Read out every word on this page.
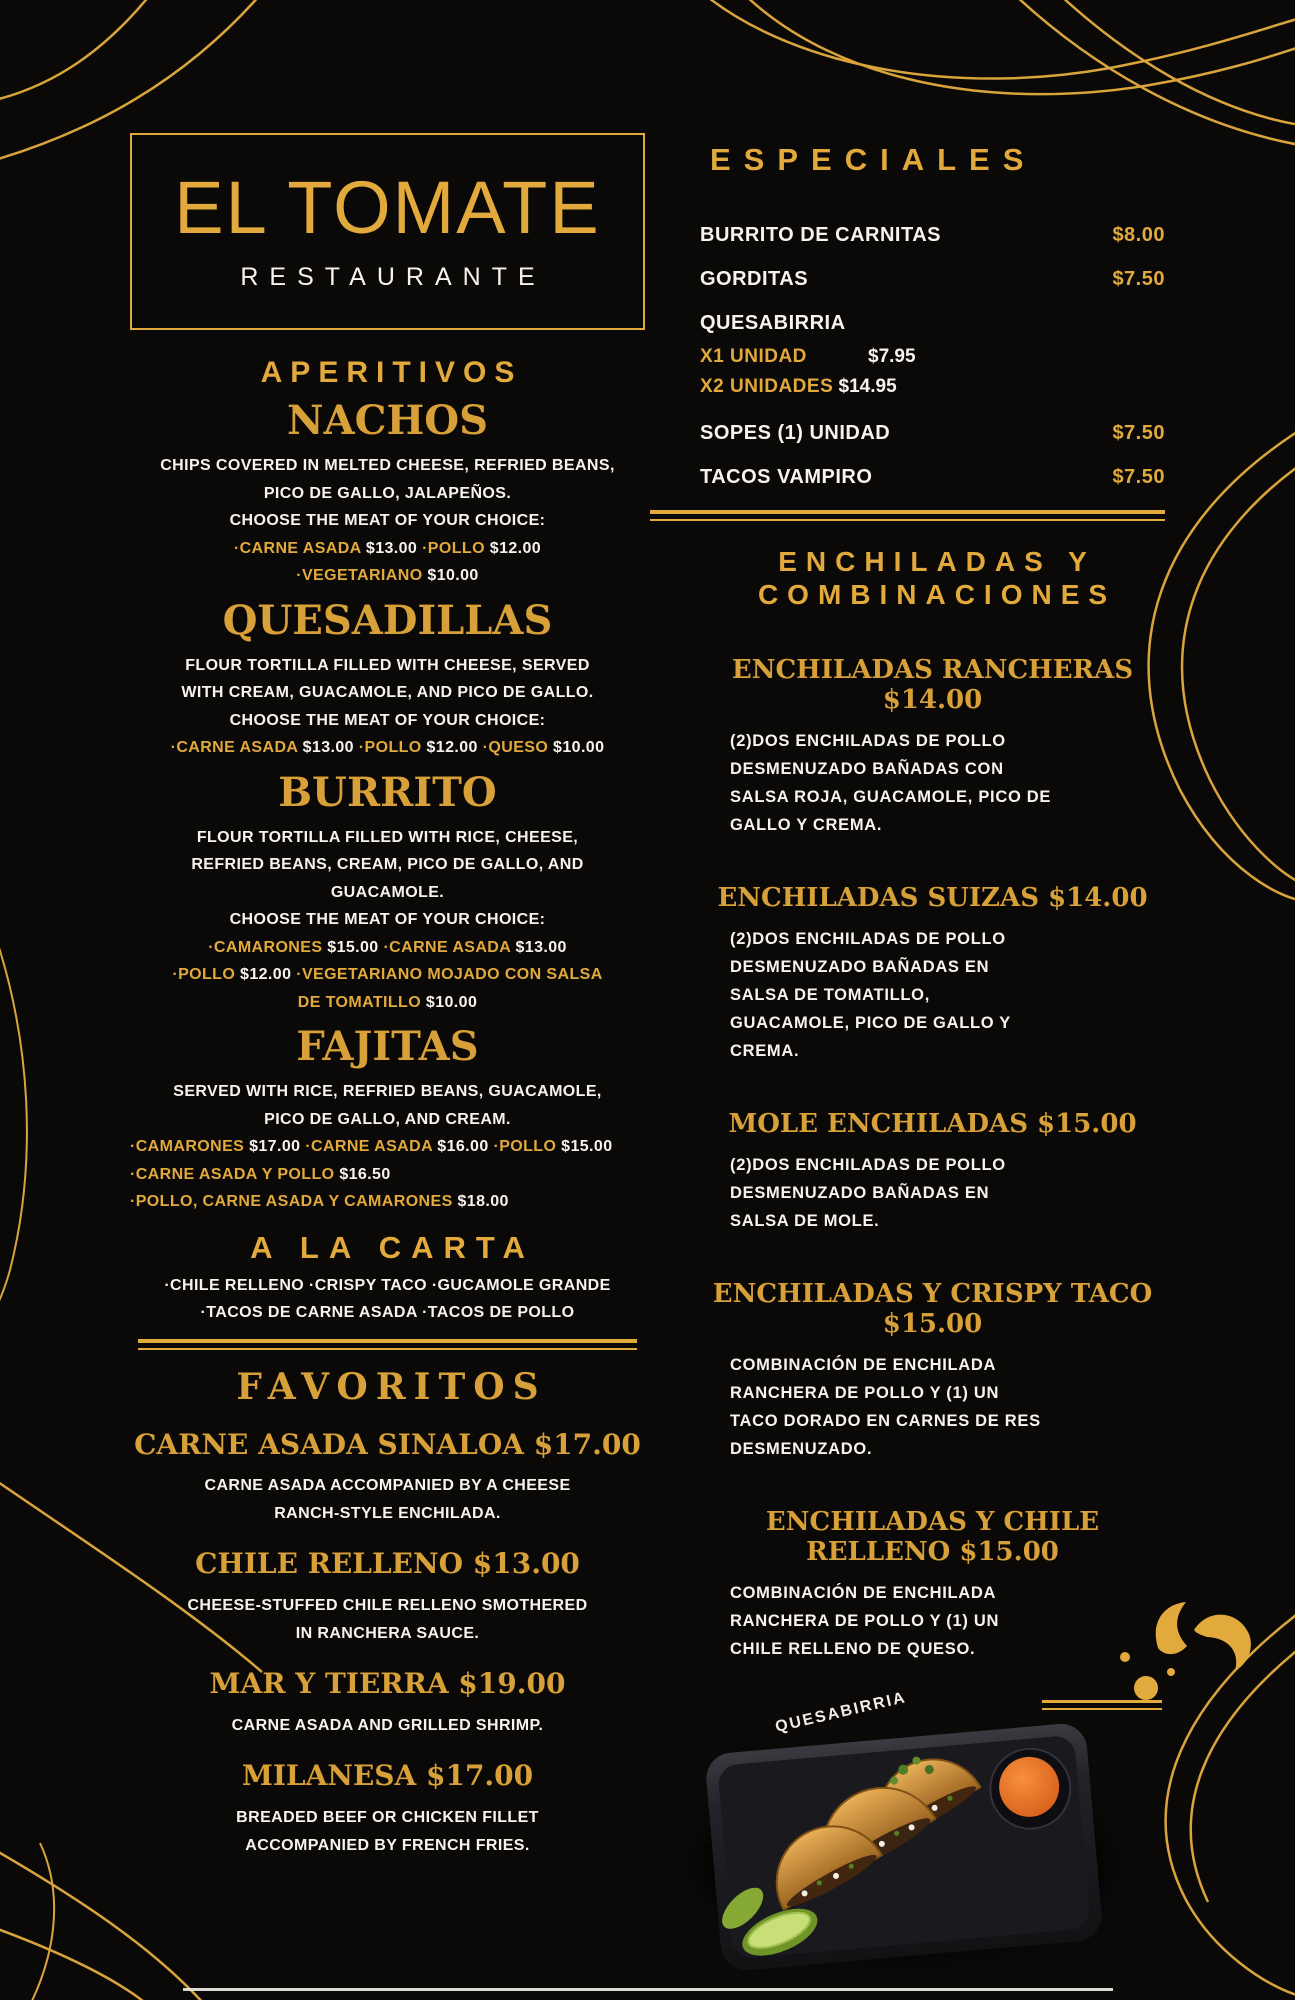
EL TOMATE
RESTAURANTE
APERITIVOS
NACHOS
CHIPS COVERED IN MELTED CHEESE, REFRIED BEANS,
PICO DE GALLO, JALAPEÑOS.
CHOOSE THE MEAT OF YOUR CHOICE:
·CARNE ASADA $13.00 ·POLLO $12.00
·VEGETARIANO $10.00
QUESADILLAS
FLOUR TORTILLA FILLED WITH CHEESE, SERVED
WITH CREAM, GUACAMOLE, AND PICO DE GALLO.
CHOOSE THE MEAT OF YOUR CHOICE:
·CARNE ASADA $13.00 ·POLLO $12.00 ·QUESO $10.00
BURRITO
FLOUR TORTILLA FILLED WITH RICE, CHEESE,
REFRIED BEANS, CREAM, PICO DE GALLO, AND
GUACAMOLE.
CHOOSE THE MEAT OF YOUR CHOICE:
·CAMARONES $15.00 ·CARNE ASADA $13.00
·POLLO $12.00 ·VEGETARIANO MOJADO CON SALSA
DE TOMATILLO $10.00
FAJITAS
SERVED WITH RICE, REFRIED BEANS, GUACAMOLE,
PICO DE GALLO, AND CREAM.
·CAMARONES $17.00 ·CARNE ASADA $16.00 ·POLLO $15.00
·CARNE ASADA Y POLLO $16.50
·POLLO, CARNE ASADA Y CAMARONES $18.00
A LA CARTA
·CHILE RELLENO ·CRISPY TACO ·GUCAMOLE GRANDE
·TACOS DE CARNE ASADA ·TACOS DE POLLO
FAVORITOS
CARNE ASADA SINALOA $17.00
CARNE ASADA ACCOMPANIED BY A CHEESE
RANCH-STYLE ENCHILADA.
CHILE RELLENO $13.00
CHEESE-STUFFED CHILE RELLENO SMOTHERED
IN RANCHERA SAUCE.
MAR Y TIERRA $19.00
CARNE ASADA AND GRILLED SHRIMP.
MILANESA $17.00
BREADED BEEF OR CHICKEN FILLET
ACCOMPANIED BY FRENCH FRIES.
ESPECIALES
BURRITO DE CARNITAS	$8.00
GORDITAS	$7.50
QUESABIRRIA
X1 UNIDAD	$7.95
X2 UNIDADES $14.95
SOPES (1) UNIDAD	$7.50
TACOS VAMPIRO	$7.50
ENCHILADAS Y
COMBINACIONES
ENCHILADAS RANCHERAS
$14.00
(2)DOS ENCHILADAS DE POLLO
DESMENUZADO BAÑADAS CON
SALSA ROJA, GUACAMOLE, PICO DE
GALLO Y CREMA.
ENCHILADAS SUIZAS $14.00
(2)DOS ENCHILADAS DE POLLO
DESMENUZADO BAÑADAS EN
SALSA DE TOMATILLO,
GUACAMOLE, PICO DE GALLO Y
CREMA.
MOLE ENCHILADAS $15.00
(2)DOS ENCHILADAS DE POLLO
DESMENUZADO BAÑADAS EN
SALSA DE MOLE.
ENCHILADAS Y CRISPY TACO
$15.00
COMBINACIÓN DE ENCHILADA
RANCHERA DE POLLO Y (1) UN
TACO DORADO EN CARNES DE RES
DESMENUZADO.
ENCHILADAS Y CHILE
RELLENO $15.00
COMBINACIÓN DE ENCHILADA
RANCHERA DE POLLO Y (1) UN
CHILE RELLENO DE QUESO.
QUESABIRRIA
